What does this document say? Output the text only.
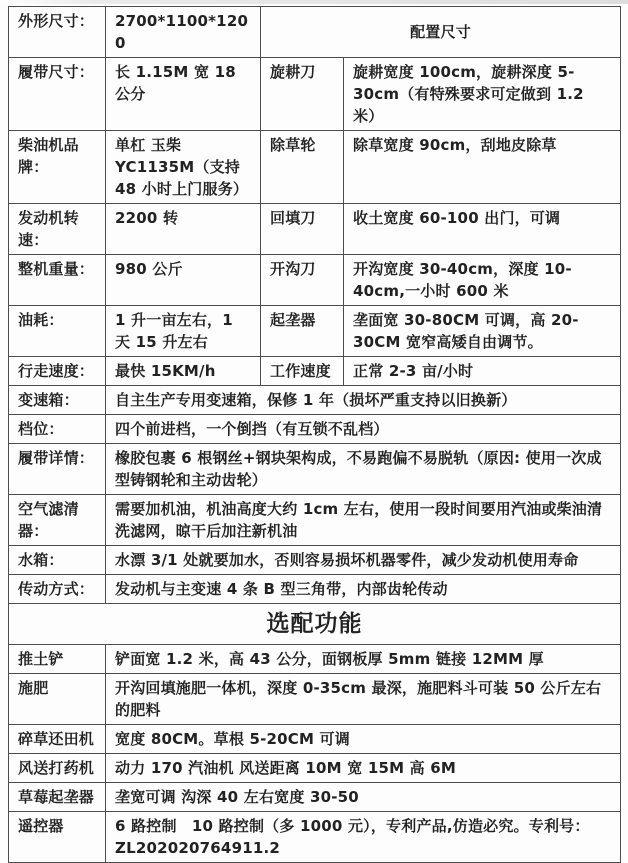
外形尺寸：	2700*1100*1200	配置尺寸	
履带尺寸：	长 1.15M 宽 18 公分	旋耕刀	旋耕宽度 100cm，旋耕深度 5-30cm（有特殊要求可定做到 1.2 米）
柴油机品牌：	单杠 玉柴 YC1135M（支持 48 小时上门服务）	除草轮	除草宽度 90cm，刮地皮除草
发动机转速：	2200 转	回填刀	收土宽度 60-100 出门，可调
整机重量：	980 公斤	开沟刀	开沟宽度 30-40cm，深度 10-40cm,一小时 600 米
油耗：	1 升一亩左右，1 天 15 升左右	起垄器	垄面宽 30-80CM 可调，高 20-30CM 宽窄高矮自由调节。
行走速度：	最快 15KM/h	工作速度	正常 2-3 亩/小时
变速箱：	自主生产专用变速箱，保修 1 年（损坏严重支持以旧换新）		
档位：	四个前进档，一个倒挡（有互锁不乱档）		
履带详情：	橡胶包裹 6 根钢丝+钢块架构成，不易跑偏不易脱轨（原因: 使用一次成型铸钢轮和主动齿轮）		
空气滤清器：	需要加机油，机油高度大约 1cm 左右，使用一段时间要用汽油或柴油清洗滤网，晾干后加注新机油		
水箱：	水漂 3/1 处就要加水，否则容易损坏机器零件，减少发动机使用寿命		
传动方式：	发动机与主变速 4 条 B 型三角带，内部齿轮传动		
选配功能			
推土铲	铲面宽 1.2 米，高 43 公分，面钢板厚 5mm 链接 12MM 厚		
施肥	开沟回填施肥一体机，深度 0-35cm 最深，施肥料斗可装 50 公斤左右的肥料		
碎草还田机	宽度 80CM。草根 5-20CM 可调		
风送打药机	动力 170 汽油机 风送距离 10M 宽 15M 高 6M		
草莓起垄器	垄宽可调 沟深 40 左右宽度 30-50		
遥控器	6 路控制　10 路控制（多 1000 元），专利产品,仿造必究。专利号：ZL202020764911.2		
